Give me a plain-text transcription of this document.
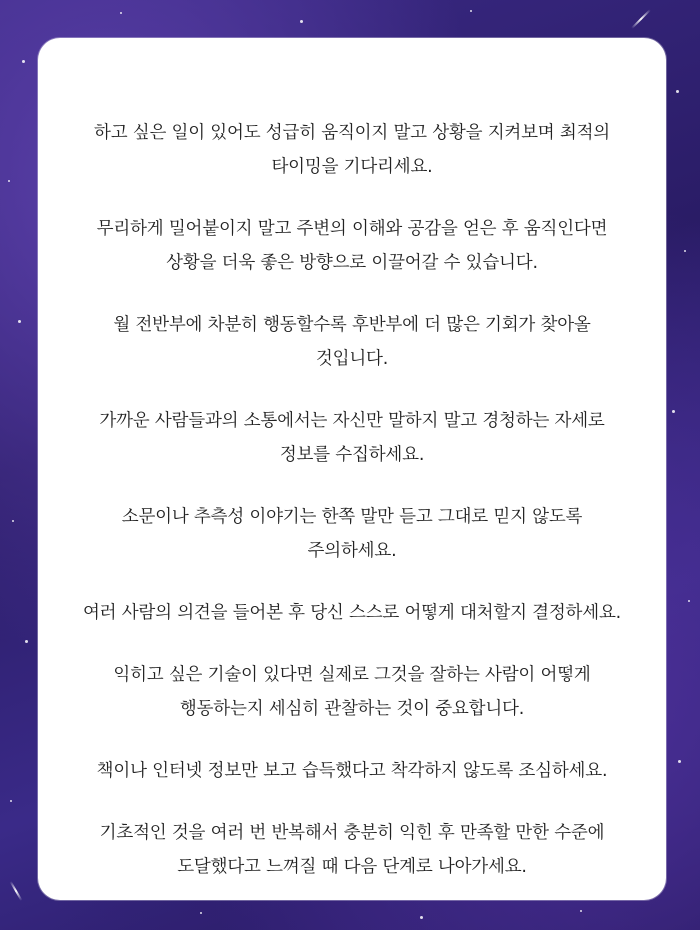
하고 싶은 일이 있어도 성급히 움직이지 말고 상황을 지켜보며 최적의
타이밍을 기다리세요.

무리하게 밀어붙이지 말고 주변의 이해와 공감을 얻은 후 움직인다면
상황을 더욱 좋은 방향으로 이끌어갈 수 있습니다.

월 전반부에 차분히 행동할수록 후반부에 더 많은 기회가 찾아올
것입니다.

가까운 사람들과의 소통에서는 자신만 말하지 말고 경청하는 자세로
정보를 수집하세요.

소문이나 추측성 이야기는 한쪽 말만 듣고 그대로 믿지 않도록
주의하세요.

여러 사람의 의견을 들어본 후 당신 스스로 어떻게 대처할지 결정하세요.

익히고 싶은 기술이 있다면 실제로 그것을 잘하는 사람이 어떻게
행동하는지 세심히 관찰하는 것이 중요합니다.

책이나 인터넷 정보만 보고 습득했다고 착각하지 않도록 조심하세요.

기초적인 것을 여러 번 반복해서 충분히 익힌 후 만족할 만한 수준에
도달했다고 느껴질 때 다음 단계로 나아가세요.
